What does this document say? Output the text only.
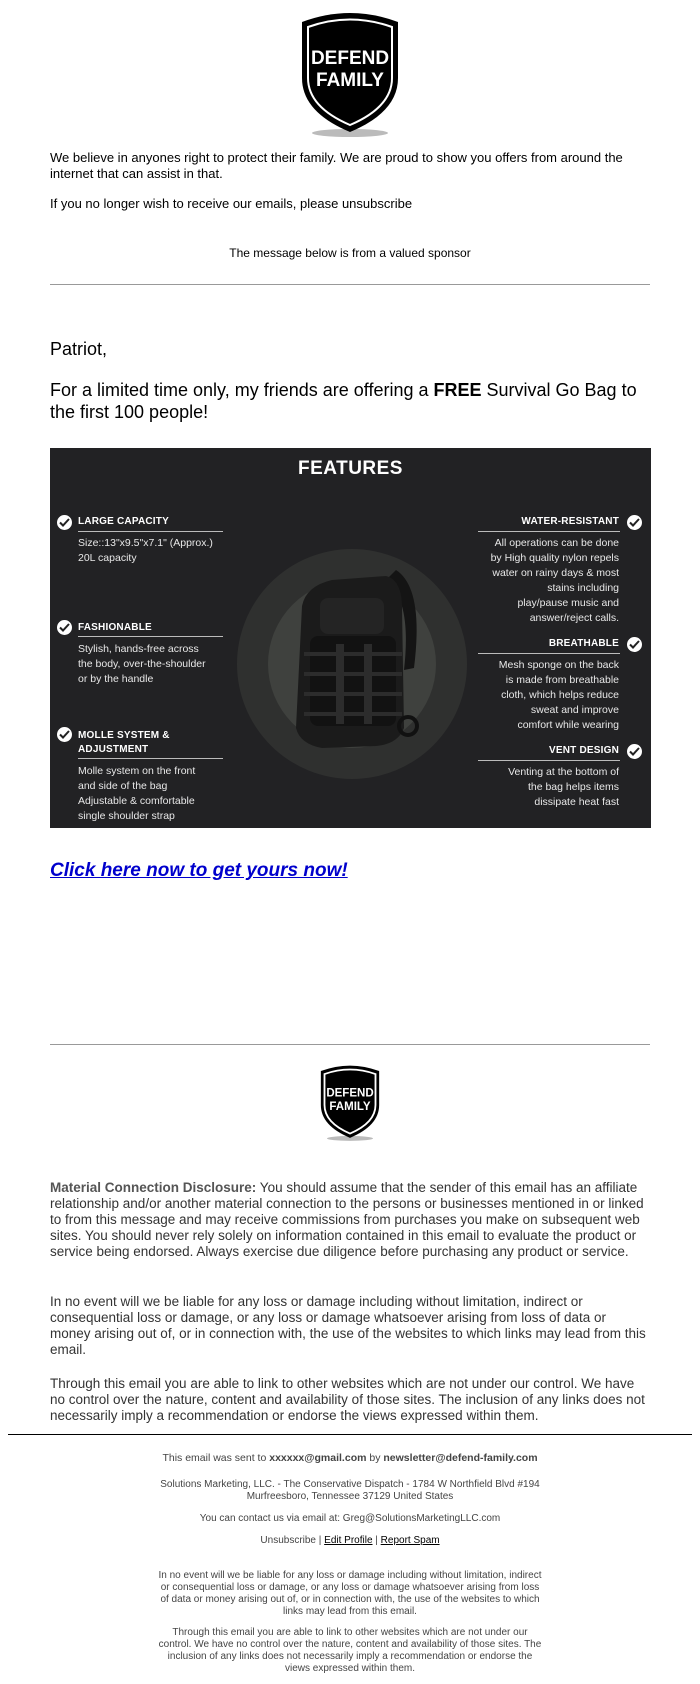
DEFEND
FAMILY

We believe in anyones right to protect their family. We are proud to show you offers from around the internet that can assist in that.

If you no longer wish to receive our emails, please unsubscribe

The message below is from a valued sponsor

Patriot,
For a limited time only, my friends are offering a FREE Survival Go Bag to the first 100 people!
FEATURES
LARGE CAPACITY
Size::13"x9.5"x7.1" (Approx.)
20L capacity
FASHIONABLE
Stylish, hands-free across
the body, over-the-shoulder
or by the handle
MOLLE SYSTEM &
ADJUSTMENT
Molle system on the front
and side of the bag
Adjustable & comfortable
single shoulder strap
WATER-RESISTANT
All operations can be done
by High quality nylon repels
water on rainy days & most
stains including
play/pause music and
answer/reject calls.
BREATHABLE
Mesh sponge on the back
is made from breathable
cloth, which helps reduce
sweat and improve
comfort while wearing
VENT DESIGN
Venting at the bottom of
the bag helps items
dissipate heat fast
Click here now to get yours now!
DEFEND
FAMILY
Material Connection Disclosure: You should assume that the sender of this email has an affiliate relationship and/or another material connection to the persons or businesses mentioned in or linked to from this message and may receive commissions from purchases you make on subsequent web sites. You should never rely solely on information contained in this email to evaluate the product or service being endorsed. Always exercise due diligence before purchasing any product or service.
In no event will we be liable for any loss or damage including without limitation, indirect or consequential loss or damage, or any loss or damage whatsoever arising from loss of data or money arising out of, or in connection with, the use of the websites to which links may lead from this email.
Through this email you are able to link to other websites which are not under our control. We have no control over the nature, content and availability of those sites. The inclusion of any links does not necessarily imply a recommendation or endorse the views expressed within them.
This email was sent to xxxxxx@gmail.com by newsletter@defend-family.com
Solutions Marketing, LLC. - The Conservative Dispatch - 1784 W Northfield Blvd #194
Murfreesboro, Tennessee 37129 United States
You can contact us via email at: Greg@SolutionsMarketingLLC.com
Unsubscribe | Edit Profile | Report Spam
In no event will we be liable for any loss or damage including without limitation, indirect
or consequential loss or damage, or any loss or damage whatsoever arising from loss
of data or money arising out of, or in connection with, the use of the websites to which
links may lead from this email.
Through this email you are able to link to other websites which are not under our
control. We have no control over the nature, content and availability of those sites. The
inclusion of any links does not necessarily imply a recommendation or endorse the
views expressed within them.
